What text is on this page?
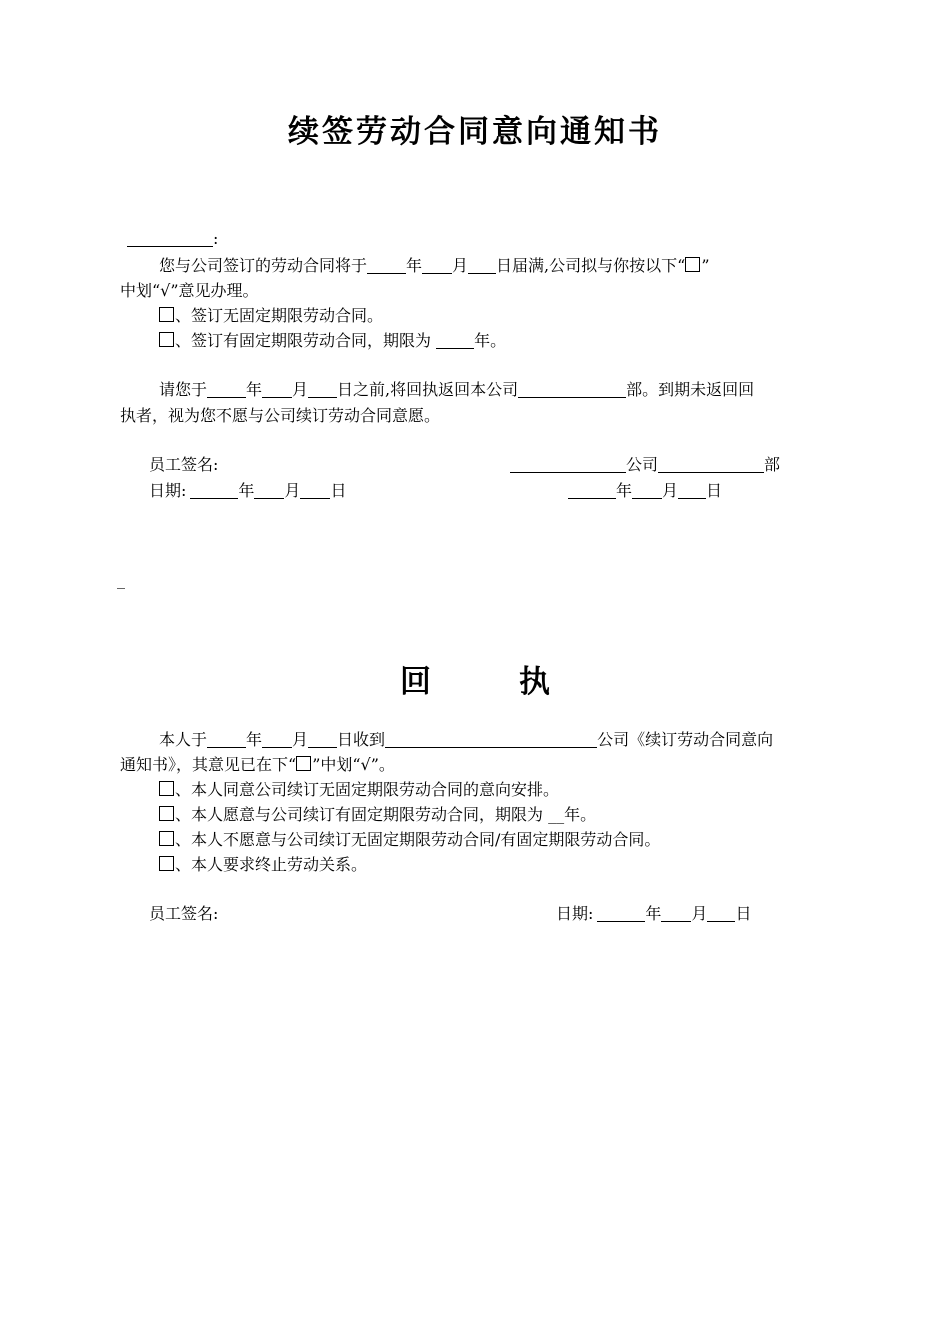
续签劳动合同意向通知书
:
您与公司签订的劳动合同将于 年 月 日届满,公司拟与你按以下“ ”
中划“√”意见办理。
、签订无固定期限劳动合同。
、签订有固定期限劳动合同，期限为	年。
请您于 年 月 日之前,将回执返回本公司	部。到期未返回回
执者，视为您不愿与公司续订劳动合同意愿。
员工签名:	公司	部
日期:	年 月 日	年 月 日
_
回	执
本人于 年 月 日收到	公司《续订劳动合同意向
通知书》，其意见已在下“ ”中划“√”。
、本人同意公司续订无固定期限劳动合同的意向安排。
、本人愿意与公司续订有固定期限劳动合同，期限为 __年。
、本人不愿意与公司续订无固定期限劳动合同/有固定期限劳动合同。
、本人要求终止劳动关系。
员工签名:	日期:	年 月 日
